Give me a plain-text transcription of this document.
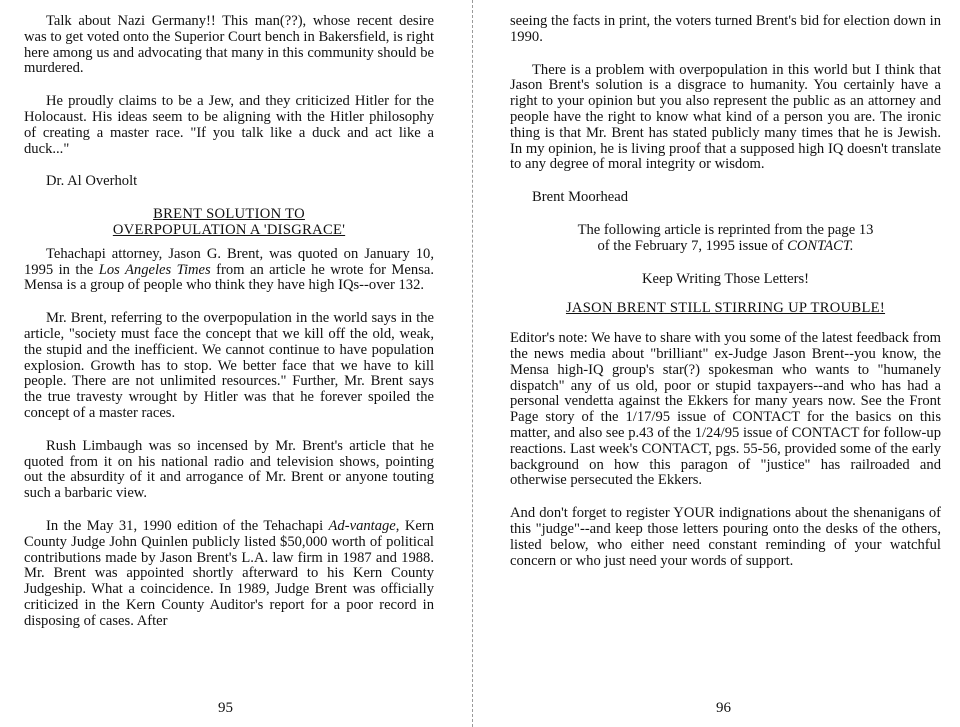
Talk about Nazi Germany!! This man(??), whose recent desire was to get voted onto the Superior Court bench in Bakersfield, is right here among us and advocating that many in this community should be murdered.

He proudly claims to be a Jew, and they criticized Hitler for the Holocaust. His ideas seem to be aligning with the Hitler philosophy of creating a master race. "If you talk like a duck and act like a duck..."

Dr. Al Overholt
BRENT SOLUTION TO
OVERPOPULATION A 'DISGRACE'

Tehachapi attorney, Jason G. Brent, was quoted on January 10, 1995 in the Los Angeles Times from an article he wrote for Mensa. Mensa is a group of people who think they have high IQs--over 132.

Mr. Brent, referring to the overpopulation in the world says in the article, "society must face the concept that we kill off the old, weak, the stupid and the inefficient. We cannot continue to have population explosion. Growth has to stop. We better face that we have to kill people. There are not unlimited resources." Further, Mr. Brent says the true travesty wrought by Hitler was that he forever spoiled the concept of a master races.

Rush Limbaugh was so incensed by Mr. Brent's article that he quoted from it on his national radio and television shows, pointing out the absurdity of it and arrogance of Mr. Brent or anyone touting such a barbaric view.

In the May 31, 1990 edition of the Tehachapi Ad-vantage, Kern County Judge John Quinlen publicly listed $50,000 worth of political contributions made by Jason Brent's L.A. law firm in 1987 and 1988. Mr. Brent was appointed shortly afterward to his Kern County Judgeship. What a coincidence. In 1989, Judge Brent was officially criticized in the Kern County Auditor's report for a poor record in disposing of cases. After

seeing the facts in print, the voters turned Brent's bid for election down in 1990.

There is a problem with overpopulation in this world but I think that Jason Brent's solution is a disgrace to humanity. You certainly have a right to your opinion but you also represent the public as an attorney and people have the right to know what kind of a person you are. The ironic thing is that Mr. Brent has stated publicly many times that he is Jewish. In my opinion, he is living proof that a supposed high IQ doesn't translate to any degree of moral integrity or wisdom.

Brent Moorhead
The following article is reprinted from the page 13
of the February 7, 1995 issue of CONTACT.
Keep Writing Those Letters!
JASON BRENT STILL STIRRING UP TROUBLE!

Editor's note: We have to share with you some of the latest feedback from the news media about "brilliant" ex-Judge Jason Brent--you know, the Mensa high-IQ group's star(?) spokesman who wants to "humanely dispatch" any of us old, poor or stupid taxpayers--and who has had a personal vendetta against the Ekkers for many years now. See the Front Page story of the 1/17/95 issue of CONTACT for the basics on this matter, and also see p.43 of the 1/24/95 issue of CONTACT for follow-up reactions. Last week's CONTACT, pgs. 55-56, provided some of the early background on how this paragon of "justice" has railroaded and otherwise persecuted the Ekkers.

And don't forget to register YOUR indignations about the shenanigans of this "judge"--and keep those letters pouring onto the desks of the others, listed below, who either need constant reminding of your watchful concern or who just need your words of support.

95	96
